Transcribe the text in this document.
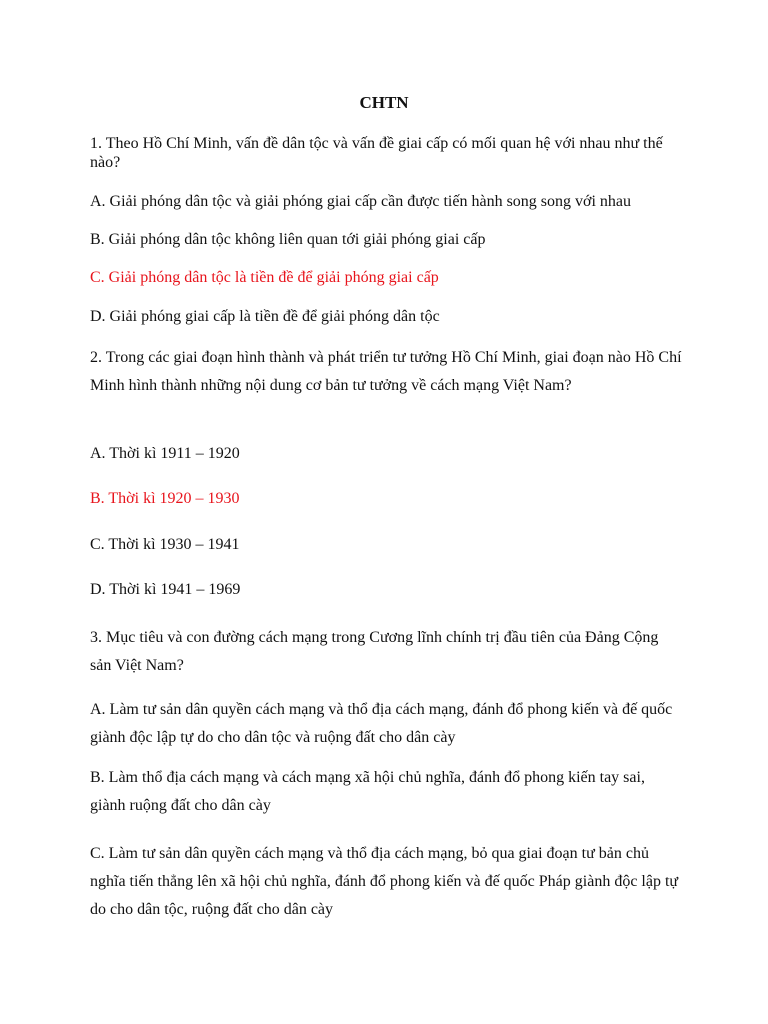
CHTN

1. Theo Hồ Chí Minh, vấn đề dân tộc và vấn đề giai cấp có mối quan hệ với nhau như thế nào?

A. Giải phóng dân tộc và giải phóng giai cấp cần được tiến hành song song với nhau

B. Giải phóng dân tộc không liên quan tới giải phóng giai cấp

C. Giải phóng dân tộc là tiền đề để giải phóng giai cấp

D. Giải phóng giai cấp là tiền đề để giải phóng dân tộc

2. Trong các giai đoạn hình thành và phát triển tư tưởng Hồ Chí Minh, giai đoạn nào Hồ Chí Minh hình thành những nội dung cơ bản tư tưởng về cách mạng Việt Nam?

A. Thời kì 1911 – 1920

B. Thời kì 1920 – 1930

C. Thời kì 1930 – 1941

D. Thời kì 1941 – 1969

3. Mục tiêu và con đường cách mạng trong Cương lĩnh chính trị đầu tiên của Đảng Cộng sản Việt Nam?

A. Làm tư sản dân quyền cách mạng và thổ địa cách mạng, đánh đổ phong kiến và đế quốc giành độc lập tự do cho dân tộc và ruộng đất cho dân cày

B. Làm thổ địa cách mạng và cách mạng xã hội chủ nghĩa, đánh đổ phong kiến tay sai, giành ruộng đất cho dân cày

C. Làm tư sản dân quyền cách mạng và thổ địa cách mạng, bỏ qua giai đoạn tư bản chủ nghĩa tiến thẳng lên xã hội chủ nghĩa, đánh đổ phong kiến và đế quốc Pháp giành độc lập tự do cho dân tộc, ruộng đất cho dân cày
